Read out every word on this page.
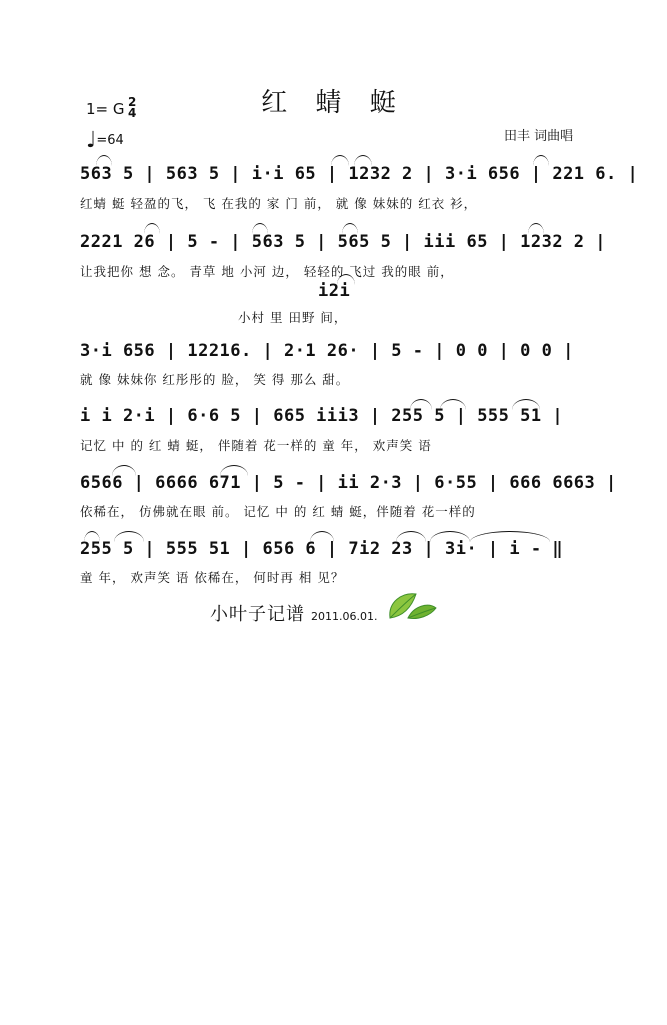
红 蜻 蜓
1= G 2
4
♩=64	田丰 词曲唱
563 5 | 563 5 | i·i 65 | 1232 2 | 3·i 656 | 221 6. |
红蜻 蜓 轻盈的飞， 飞 在我的 家 门 前， 就 像 妹妹的 红衣 衫，
2221 26 | 5 - | 563 5 | 565 5 | iii 65 | 1232 2 |
让我把你 想 念。 青草 地 小河 边， 轻轻的 飞过 我的眼 前，
i2i
小村 里 田野 间，
3·i 656 | 12216. | 2·1 26· | 5 - | 0 0 | 0 0 |
就 像 妹妹你 红彤彤的 脸， 笑 得 那么 甜。
i i 2·i | 6·6 5 | 665 iii3 | 255 5 | 555 51 |
记忆 中 的 红 蜻 蜓， 伴随着 花一样的 童 年， 欢声笑 语
6566 | 6666 671 | 5 - | ii 2·3 | 6·55 | 666 6663 |
依稀在， 仿佛就在眼 前。 记忆 中 的 红 蜻 蜓，伴随着 花一样的
255 5 | 555 51 | 656 6 | 7i2 23 | 3i· | i - ‖
童 年， 欢声笑 语 依稀在， 何时再 相 见？
小叶子记谱 2011.06.01.
